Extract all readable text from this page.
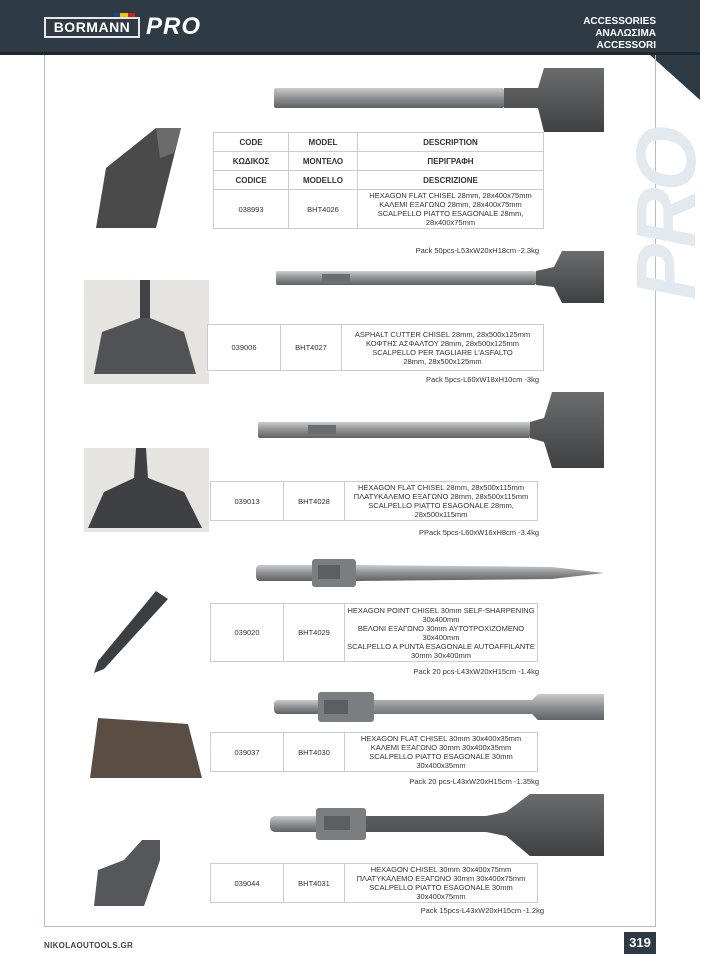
BORMANN PRO	ACCESSORIES
ΑΝΑΛΩΣΙΜΑ
ACCESSORI
PRO
CODE	MODEL	DESCRIPTION

ΚΩΔΙΚΟΣ	ΜΟΝΤΕΛΟ	ΠΕΡΙΓΡΑΦΗ

CODICE	MODELLO	DESCRIZIONE

038993	BHT4026	HEXAGON FLAT CHISEL 28mm, 28x400x75mm
ΚΑΛΕΜΙ ΕΞΑΓΩΝΟ 28mm, 28x400x75mm
SCALPELLO PIATTO ESAGONALE 28mm, 28x400x75mm
Pack 50pcs-L53xW20xH18cm -2.3kg
039006	BHT4027	
ASPHALT CUTTER CHISEL 28mm, 28x500x125mm
ΚΟΦΤΗΣ ΑΣΦΑΛΤΟΥ 28mm, 28x500x125mm
SCALPELLO PER TAGLIARE L'ASFALTO
28mm, 28x500x125mm
Pack 5pcs-L60xW18xH10cm -3kg
039013	BHT4028	
HEXAGON FLAT CHISEL 28mm, 28x500x115mm
ΠΛΑΤΥΚΑΛΕΜΟ ΕΞΑΓΩΝΟ 28mm, 28x500x115mm
SCALPELLO PIATTO ESAGONALE 28mm, 28x500x115mm
PPack 5pcs-L60xW16xH8cm -3.4kg
039020	BHT4029	
HEXAGON POINT CHISEL 30mm SELF-SHARPENING
30x400mm
ΒΕΛΟΝΙ ΕΞΑΓΩΝΟ 30mm ΑΥΤΟΤΡΟΧΙΖΟΜΕΝΟ
30x400mm
SCALPELLO A PUNTA ESAGONALE AUTOAFFILANTE
30mm 30x400mm
Pack 20 pcs-L43xW20xH15cm -1.4kg
039037	BHT4030	
HEXAGON FLAT CHISEL 30mm 30x400x35mm
ΚΑΛΕΜΙ ΕΞΑΓΩΝΟ 30mm 30x400x35mm
SCALPELLO PIATTO ESAGONALE 30mm 30x400x35mm
Pack 20 pcs-L43xW20xH15cm -1.35kg
039044	BHT4031	
HEXAGON CHISEL 30mm 30x400x75mm
ΠΛΑΤΥΚΑΛΕΜΟ ΕΞΑΓΩΝΟ 30mm 30x400x75mm
SCALPELLO PIATTO ESAGONALE 30mm 30x400x75mm
Pack 15pcs-L43xW20xH15cm -1.2kg
NIKOLAOUTOOLS.GR	319
